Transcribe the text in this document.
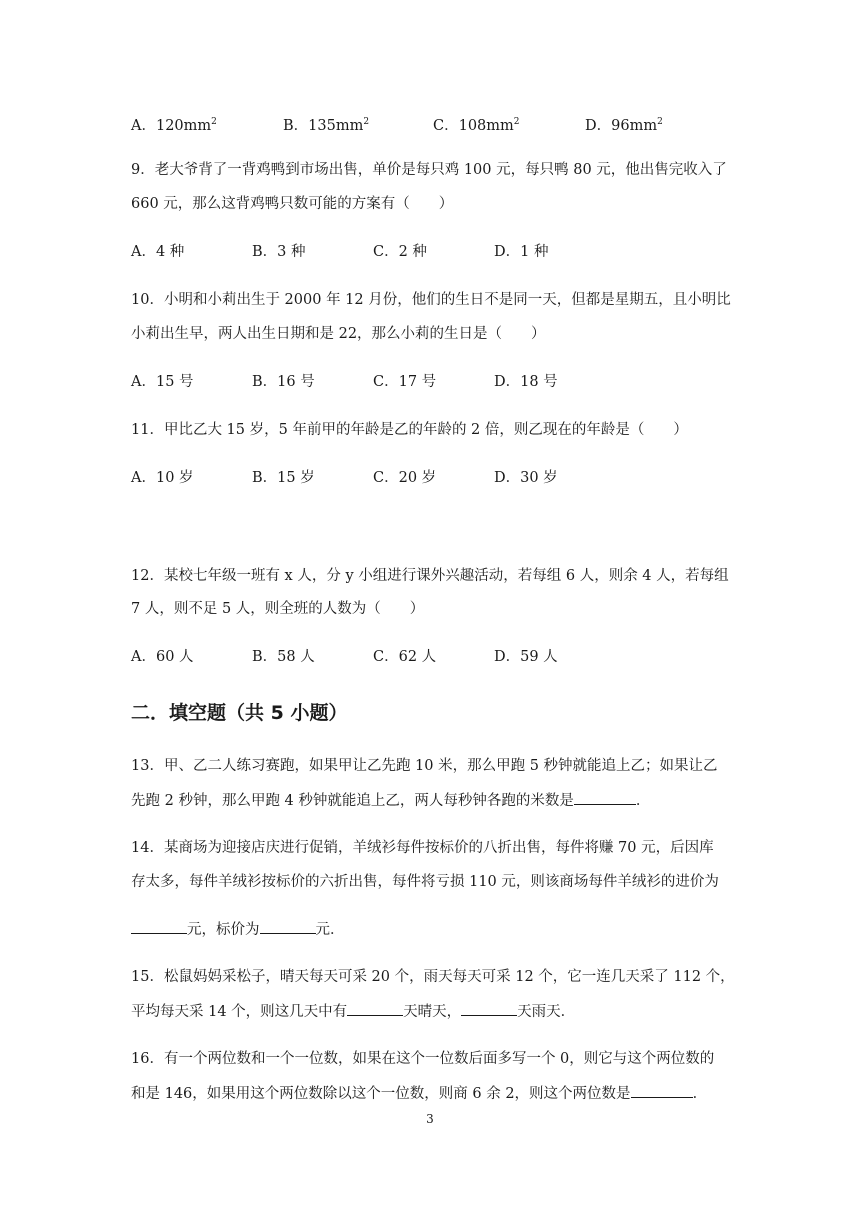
A．$120mm^2$	B．$135mm^2$	C．$108mm^2$	D．$96mm^2$
9．老大爷背了一背鸡鸭到市场出售，单价是每只鸡 100 元，每只鸭 80 元，他出售完收入了
660 元，那么这背鸡鸭只数可能的方案有（　　）
A．4 种	B．3 种	C．2 种	D．1 种
10．小明和小莉出生于 2000 年 12 月份，他们的生日不是同一天，但都是星期五，且小明比
小莉出生早，两人出生日期和是 22，那么小莉的生日是（　　）
A．15 号	B．16 号	C．17 号	D．18 号
11．甲比乙大 15 岁，5 年前甲的年龄是乙的年龄的 2 倍，则乙现在的年龄是（　　）
A．10 岁	B．15 岁	C．20 岁	D．30 岁
12．某校七年级一班有 x 人，分 y 小组进行课外兴趣活动，若每组 6 人，则余 4 人，若每组
7 人，则不足 5 人，则全班的人数为（　　）
A．60 人	B．58 人	C．62 人	D．59 人
二．填空题（共 5 小题）
13．甲、乙二人练习赛跑，如果甲让乙先跑 10 米，那么甲跑 5 秒钟就能追上乙；如果让乙
先跑 2 秒钟，那么甲跑 4 秒钟就能追上乙，两人每秒钟各跑的米数是	．
14．某商场为迎接店庆进行促销，羊绒衫每件按标价的八折出售，每件将赚 70 元，后因库
存太多，每件羊绒衫按标价的六折出售，每件将亏损 110 元，则该商场每件羊绒衫的进价为
元，标价为	元．
15．松鼠妈妈采松子，晴天每天可采 20 个，雨天每天可采 12 个，它一连几天采了 112 个，
平均每天采 14 个，则这几天中有	天晴天，	天雨天．
16．有一个两位数和一个一位数，如果在这个一位数后面多写一个 0，则它与这个两位数的
和是 146，如果用这个两位数除以这个一位数，则商 6 余 2，则这个两位数是	．
3
